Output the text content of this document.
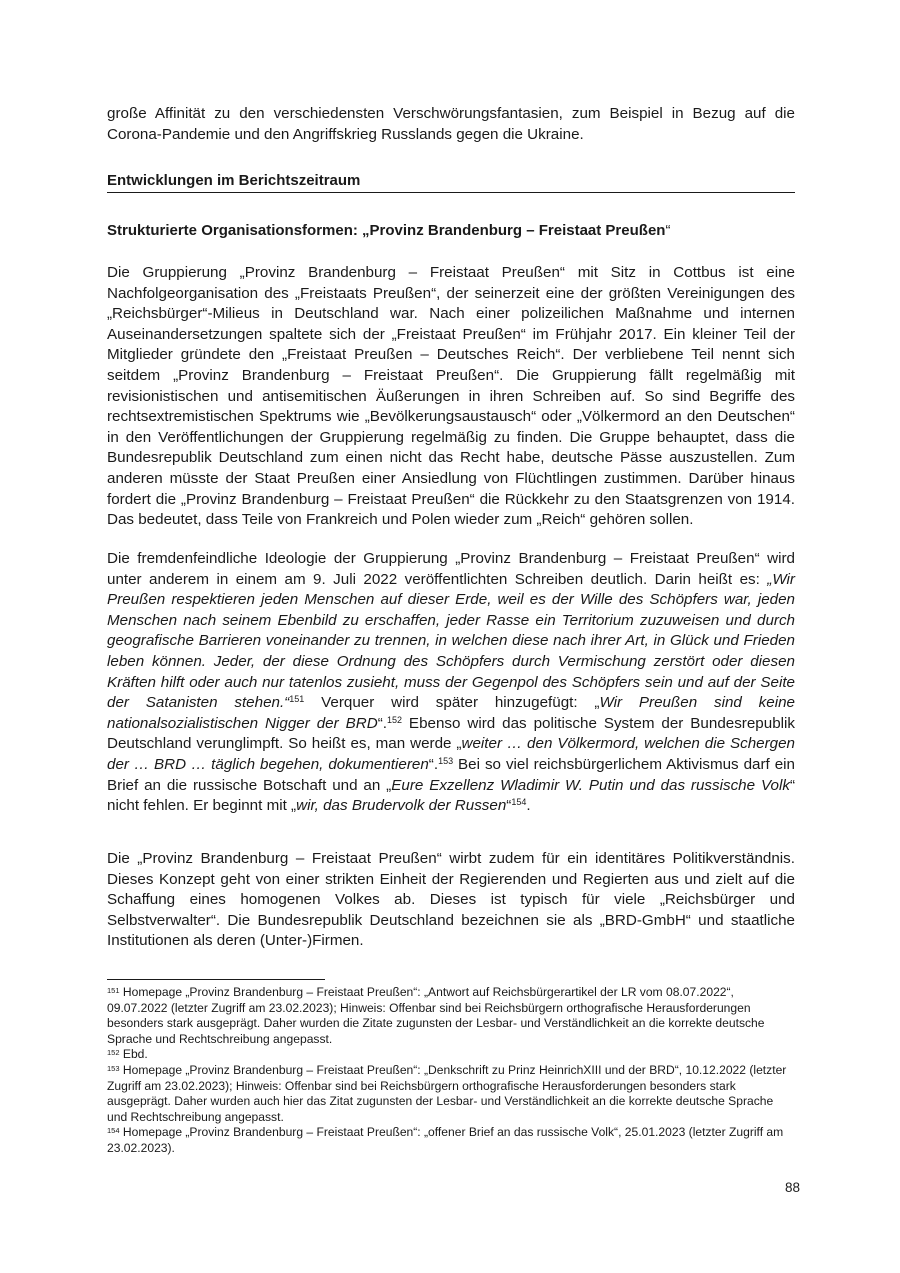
große Affinität zu den verschiedensten Verschwörungsfantasien, zum Beispiel in Bezug auf die Corona-Pandemie und den Angriffskrieg Russlands gegen die Ukraine.

Entwicklungen im Berichtszeitraum
Strukturierte Organisationsformen: „Provinz Brandenburg – Freistaat Preußen“

Die Gruppierung „Provinz Brandenburg – Freistaat Preußen“ mit Sitz in Cottbus ist eine Nachfolgeorganisation des „Freistaats Preußen“, der seinerzeit eine der größten Vereinigungen des „Reichsbürger“-Milieus in Deutschland war. Nach einer polizeilichen Maßnahme und internen Auseinandersetzungen spaltete sich der „Freistaat Preußen“ im Frühjahr 2017. Ein kleiner Teil der Mitglieder gründete den „Freistaat Preußen – Deutsches Reich“. Der verbliebene Teil nennt sich seitdem „Provinz Brandenburg – Freistaat Preußen“. Die Gruppierung fällt regelmäßig mit revisionistischen und antisemitischen Äußerungen in ihren Schreiben auf. So sind Begriffe des rechtsextremistischen Spektrums wie „Bevölkerungsaustausch“ oder „Völkermord an den Deutschen“ in den Veröffentlichungen der Gruppierung regelmäßig zu finden. Die Gruppe behauptet, dass die Bundesrepublik Deutschland zum einen nicht das Recht habe, deutsche Pässe auszustellen. Zum anderen müsste der Staat Preußen einer Ansiedlung von Flüchtlingen zustimmen. Darüber hinaus fordert die „Provinz Brandenburg – Freistaat Preußen“ die Rückkehr zu den Staatsgrenzen von 1914. Das bedeutet, dass Teile von Frankreich und Polen wieder zum „Reich“ gehören sollen.

Die fremdenfeindliche Ideologie der Gruppierung „Provinz Brandenburg – Freistaat Preußen“ wird unter anderem in einem am 9. Juli 2022 veröffentlichten Schreiben deutlich. Darin heißt es: „Wir Preußen respektieren jeden Menschen auf dieser Erde, weil es der Wille des Schöpfers war, jeden Menschen nach seinem Ebenbild zu erschaffen, jeder Rasse ein Territorium zuzuweisen und durch geografische Barrieren voneinander zu trennen, in welchen diese nach ihrer Art, in Glück und Frieden leben können. Jeder, der diese Ordnung des Schöpfers durch Vermischung zerstört oder diesen Kräften hilft oder auch nur tatenlos zusieht, muss der Gegenpol des Schöpfers sein und auf der Seite der Satanisten stehen.“$^{151}$ Verquer wird später hinzugefügt: „Wir Preußen sind keine nationalsozialistischen Nigger der BRD“.$^{152}$ Ebenso wird das politische System der Bundesrepublik Deutschland verunglimpft. So heißt es, man werde „weiter … den Völkermord, welchen die Schergen der … BRD … täglich begehen, dokumentieren“.$^{153}$ Bei so viel reichsbürgerlichem Aktivismus darf ein Brief an die russische Botschaft und an „Eure Exzellenz Wladimir W. Putin und das russische Volk“ nicht fehlen. Er beginnt mit „wir, das Brudervolk der Russen“$^{154}$.

Die „Provinz Brandenburg – Freistaat Preußen“ wirbt zudem für ein identitäres Politikverständnis. Dieses Konzept geht von einer strikten Einheit der Regierenden und Regierten aus und zielt auf die Schaffung eines homogenen Volkes ab. Dieses ist typisch für viele „Reichsbürger und Selbstverwalter“. Die Bundesrepublik Deutschland bezeichnen sie als „BRD-GmbH“ und staatliche Institutionen als deren (Unter-)Firmen.

$^{151}$ Homepage „Provinz Brandenburg – Freistaat Preußen“: „Antwort auf Reichsbürgerartikel der LR vom 08.07.2022“, 09.07.2022 (letzter Zugriff am 23.02.2023); Hinweis: Offenbar sind bei Reichsbürgern orthografische Herausforderungen besonders stark ausgeprägt. Daher wurden die Zitate zugunsten der Lesbar- und Verständlichkeit an die korrekte deutsche Sprache und Rechtschreibung angepasst.

$^{152}$ Ebd.

$^{153}$ Homepage „Provinz Brandenburg – Freistaat Preußen“: „Denkschrift zu Prinz HeinrichXIII und der BRD“, 10.12.2022 (letzter Zugriff am 23.02.2023); Hinweis: Offenbar sind bei Reichsbürgern orthografische Herausforderungen besonders stark ausgeprägt. Daher wurden auch hier das Zitat zugunsten der Lesbar- und Verständlichkeit an die korrekte deutsche Sprache und Rechtschreibung angepasst.

$^{154}$ Homepage „Provinz Brandenburg – Freistaat Preußen“: „offener Brief an das russische Volk“, 25.01.2023 (letzter Zugriff am 23.02.2023).

88
